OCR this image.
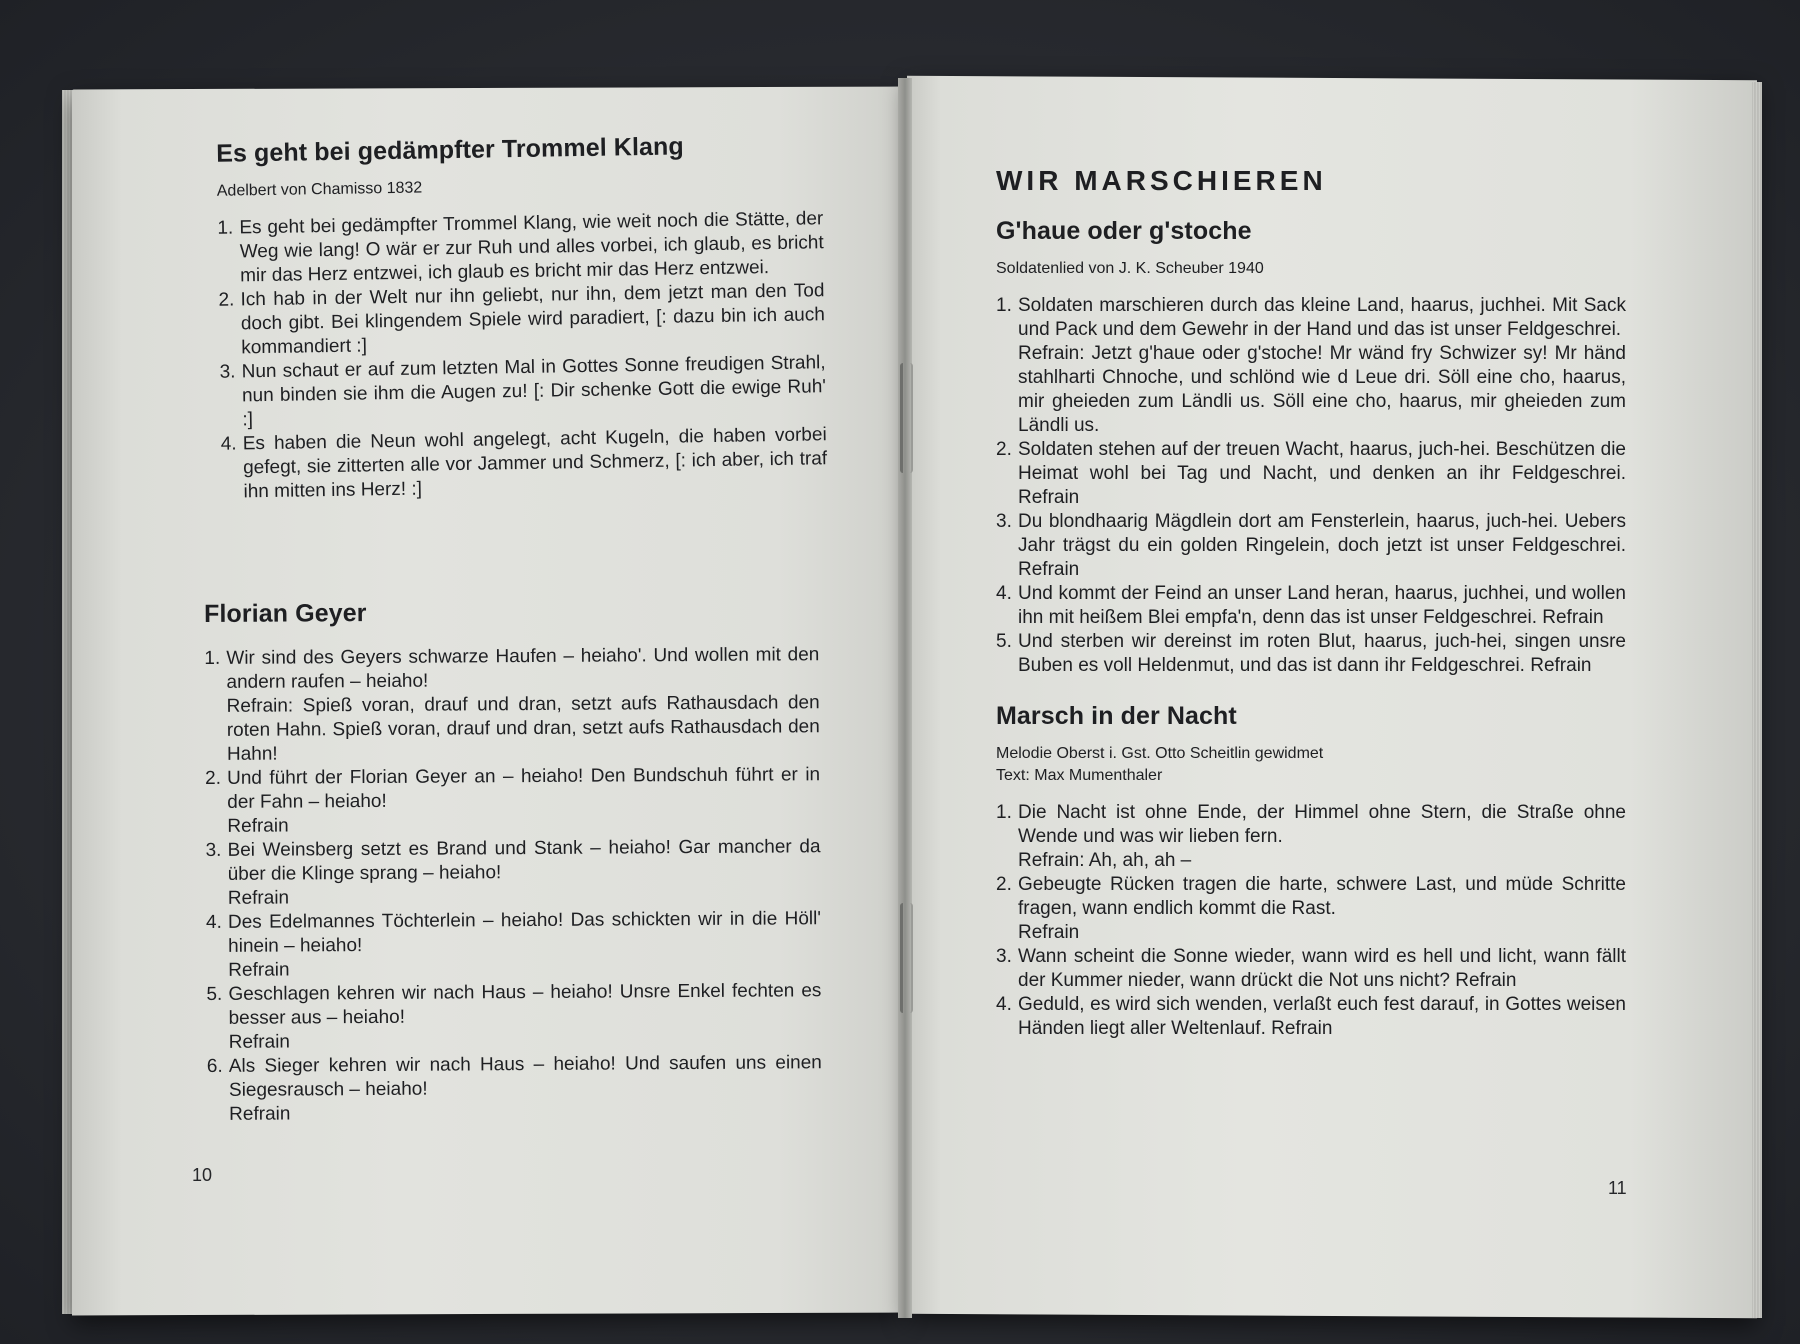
Es geht bei gedämpfter Trommel Klang
Adelbert von Chamisso 1832
1. Es geht bei gedämpfter Trommel Klang, wie weit noch die Stätte, der Weg wie lang! O wär er zur Ruh und alles vorbei, ich glaub, es bricht mir das Herz entzwei, ich glaub es bricht mir das Herz entzwei.
2. Ich hab in der Welt nur ihn geliebt, nur ihn, dem jetzt man den Tod doch gibt. Bei klingendem Spiele wird paradiert, [: dazu bin ich auch kommandiert :]
3. Nun schaut er auf zum letzten Mal in Gottes Sonne freudigen Strahl, nun binden sie ihm die Augen zu! [: Dir schenke Gott die ewige Ruh' :]
4. Es haben die Neun wohl angelegt, acht Kugeln, die haben vorbei gefegt, sie zitterten alle vor Jammer und Schmerz, [: ich aber, ich traf ihn mitten ins Herz! :]
Florian Geyer
1. Wir sind des Geyers schwarze Haufen – heiaho'. Und wollen mit den andern raufen – heiaho!
Refrain: Spieß voran, drauf und dran, setzt aufs Rathausdach den roten Hahn. Spieß voran, drauf und dran, setzt aufs Rathausdach den Hahn!
2. Und führt der Florian Geyer an – heiaho! Den Bundschuh führt er in der Fahn – heiaho!
Refrain
3. Bei Weinsberg setzt es Brand und Stank – heiaho! Gar mancher da über die Klinge sprang – heiaho!
Refrain
4. Des Edelmannes Töchterlein – heiaho! Das schickten wir in die Höll' hinein – heiaho!
Refrain
5. Geschlagen kehren wir nach Haus – heiaho! Unsre Enkel fechten es besser aus – heiaho!
Refrain
6. Als Sieger kehren wir nach Haus – heiaho! Und saufen uns einen Siegesrausch – heiaho!
Refrain
10
WIR MARSCHIEREN
G'haue oder g'stoche
Soldatenlied von J. K. Scheuber 1940
1. Soldaten marschieren durch das kleine Land, haarus, juchhei. Mit Sack und Pack und dem Gewehr in der Hand und das ist unser Feldgeschrei.
Refrain: Jetzt g'haue oder g'stoche! Mr wänd fry Schwizer sy! Mr händ stahlharti Chnoche, und schlönd wie d Leue dri. Söll eine cho, haarus, mir gheieden zum Ländli us. Söll eine cho, haarus, mir gheieden zum Ländli us.
2. Soldaten stehen auf der treuen Wacht, haarus, juch-hei. Beschützen die Heimat wohl bei Tag und Nacht, und denken an ihr Feldgeschrei. Refrain
3. Du blondhaarig Mägdlein dort am Fensterlein, haarus, juch-hei. Uebers Jahr trägst du ein golden Ringelein, doch jetzt ist unser Feldgeschrei. Refrain
4. Und kommt der Feind an unser Land heran, haarus, juchhei, und wollen ihn mit heißem Blei empfa'n, denn das ist unser Feldgeschrei. Refrain
5. Und sterben wir dereinst im roten Blut, haarus, juch-hei, singen unsre Buben es voll Heldenmut, und das ist dann ihr Feldgeschrei. Refrain
Marsch in der Nacht
Melodie Oberst i. Gst. Otto Scheitlin gewidmet
Text: Max Mumenthaler
1. Die Nacht ist ohne Ende, der Himmel ohne Stern, die Straße ohne Wende und was wir lieben fern.
Refrain: Ah, ah, ah –
2. Gebeugte Rücken tragen die harte, schwere Last, und müde Schritte fragen, wann endlich kommt die Rast.
Refrain
3. Wann scheint die Sonne wieder, wann wird es hell und licht, wann fällt der Kummer nieder, wann drückt die Not uns nicht? Refrain
4. Geduld, es wird sich wenden, verlaßt euch fest darauf, in Gottes weisen Händen liegt aller Weltenlauf. Refrain
11
